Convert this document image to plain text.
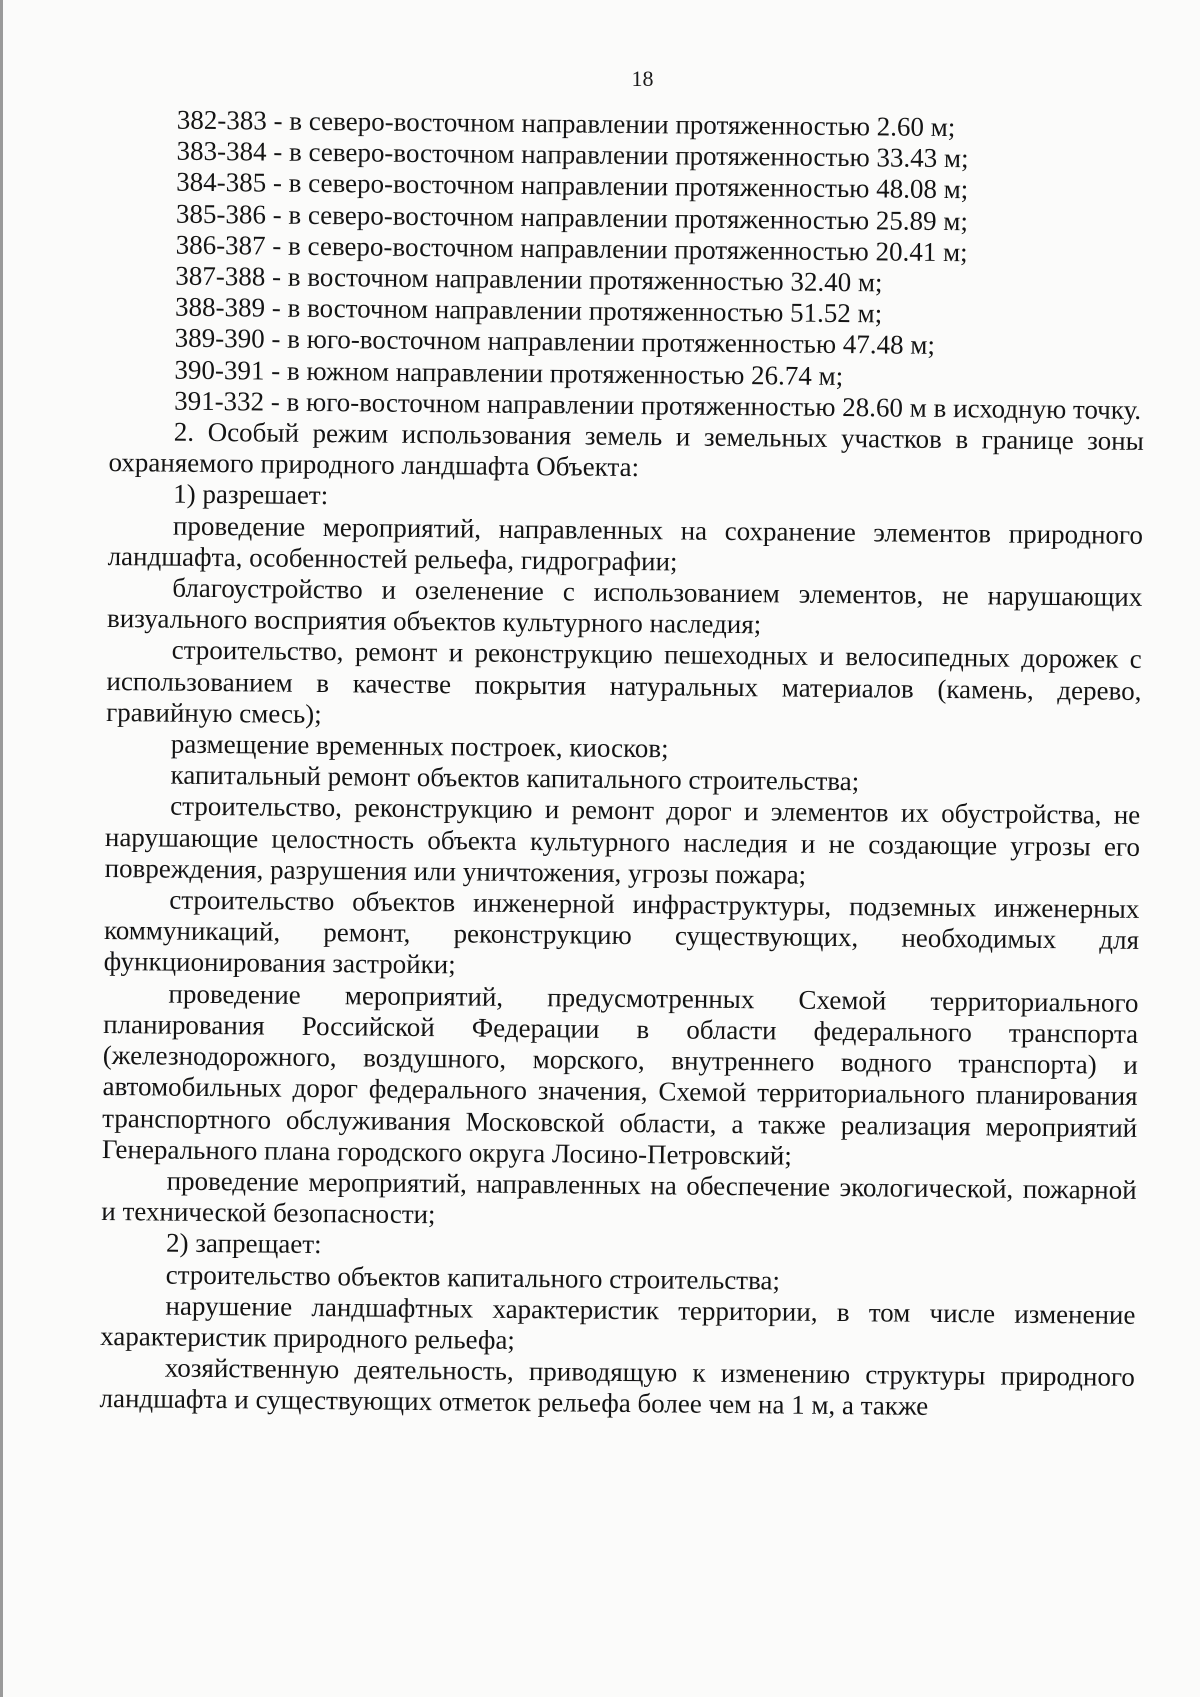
18

382-383 - в северо-восточном направлении протяженностью 2.60 м;

383-384 - в северо-восточном направлении протяженностью 33.43 м;

384-385 - в северо-восточном направлении протяженностью 48.08 м;

385-386 - в северо-восточном направлении протяженностью 25.89 м;

386-387 - в северо-восточном направлении протяженностью 20.41 м;

387-388 - в восточном направлении протяженностью 32.40 м;

388-389 - в восточном направлении протяженностью 51.52 м;

389-390 - в юго-восточном направлении протяженностью 47.48 м;

390-391 - в южном направлении протяженностью 26.74 м;

391-332 - в юго-восточном направлении протяженностью 28.60 м в исходную точку.

2. Особый режим использования земель и земельных участков в границе зоны охраняемого природного ландшафта Объекта:

1) разрешает:

проведение мероприятий, направленных на сохранение элементов природного ландшафта, особенностей рельефа, гидрографии;

благоустройство и озеленение с использованием элементов, не нарушающих визуального восприятия объектов культурного наследия;

строительство, ремонт и реконструкцию пешеходных и велосипедных дорожек с использованием в качестве покрытия натуральных материалов (камень, дерево, гравийную смесь);

размещение временных построек, киосков;

капитальный ремонт объектов капитального строительства;

строительство, реконструкцию и ремонт дорог и элементов их обустройства, не нарушающие целостность объекта культурного наследия и не создающие угрозы его повреждения, разрушения или уничтожения, угрозы пожара;

строительство объектов инженерной инфраструктуры, подземных инженерных коммуникаций, ремонт, реконструкцию существующих, необходимых для функционирования застройки;

проведение мероприятий, предусмотренных Схемой территориального планирования Российской Федерации в области федерального транспорта (железнодорожного, воздушного, морского, внутреннего водного транспорта) и автомобильных дорог федерального значения, Схемой территориального планирования транспортного обслуживания Московской области, а также реализация мероприятий Генерального плана городского округа Лосино-Петровский;

проведение мероприятий, направленных на обеспечение экологической, пожарной и технической безопасности;

2) запрещает:

строительство объектов капитального строительства;

нарушение ландшафтных характеристик территории, в том числе изменение характеристик природного рельефа;

хозяйственную деятельность, приводящую к изменению структуры природного ландшафта и существующих отметок рельефа более чем на 1 м, а также
